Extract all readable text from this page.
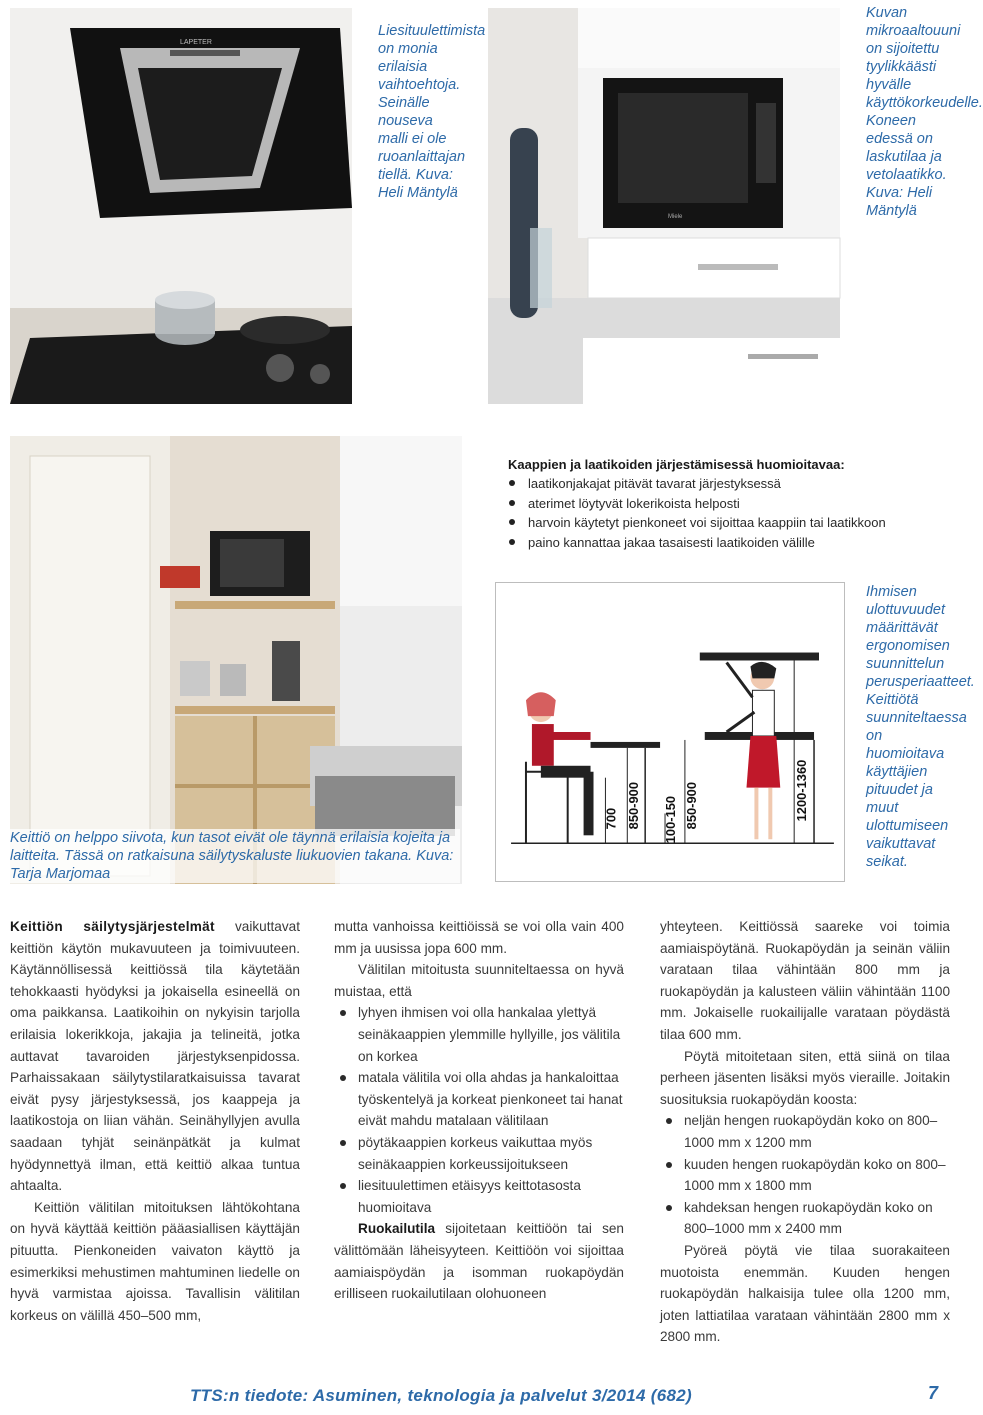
LAPETER
Liesituulettimista on monia erilaisia vaihtoehtoja. Seinälle nouseva malli ei ole ruoanlaittajan tiellä. Kuva: Heli Mäntylä
Miele
Kuvan mikroaaltouuni on sijoitettu tyylikkäästi hyvälle käyttökorkeudelle. Koneen edessä on laskutilaa ja vetolaatikko. Kuva: Heli Mäntylä
Keittiö on helppo siivota, kun tasot eivät ole täynnä erilaisia kojeita ja laitteita. Tässä on ratkaisuna säilytyskaluste liukuovien takana. Kuva: Tarja Marjomaa
Kaappien ja laatikoiden järjestämisessä huomioitavaa:
laatikonjakajat pitävät tavarat järjestyksessä
aterimet löytyvät lokerikoista helposti
harvoin käytetyt pienkoneet voi sijoittaa kaappiin tai laatikkoon
paino kannattaa jakaa tasaisesti laatikoiden välille
700 850-900 100-150 850-900	1200-1360
Ihmisen ulottuvuudet määrittävät ergonomisen suunnittelun perusperiaatteet. Keittiötä suunniteltaessa on huomioitava käyttäjien pituudet ja muut ulottumiseen vaikuttavat seikat.

Keittiön säilytysjärjestelmät vaikuttavat keittiön käytön mukavuuteen ja toimivuuteen. Käytännöllisessä keittiössä tila käytetään tehokkaasti hyödyksi ja jokaisella esineellä on oma paikkansa. Laatikoihin on nykyisin tarjolla erilaisia lokerikkoja, jakajia ja telineitä, jotka auttavat tavaroiden järjestyksenpidossa. Parhaissakaan säilytystilaratkaisuissa tavarat eivät pysy järjestyksessä, jos kaappeja ja laatikostoja on liian vähän. Seinähyllyjen avulla saadaan tyhjät seinänpätkät ja kulmat hyödynnettyä ilman, että keittiö alkaa tuntua ahtaalta.

Keittiön välitilan mitoituksen lähtökohtana on hyvä käyttää keittiön pääasiallisen käyttäjän pituutta. Pienkoneiden vaivaton käyttö ja esimerkiksi mehustimen mahtuminen liedelle on hyvä varmistaa ajoissa. Tavallisin välitilan korkeus on välillä 450–500 mm,

mutta vanhoissa keittiöissä se voi olla vain 400 mm ja uusissa jopa 600 mm.

Välitilan mitoitusta suunniteltaessa on hyvä muistaa, että

lyhyen ihmisen voi olla hankalaa ylettyä seinäkaappien ylemmille hyllyille, jos välitila on korkea
matala välitila voi olla ahdas ja hankaloittaa työskentelyä ja korkeat pienkoneet tai hanat eivät mahdu matalaan välitilaan
pöytäkaappien korkeus vaikuttaa myös seinäkaappien korkeussijoitukseen
liesituulettimen etäisyys keittotasosta huomioitava

Ruokailutila sijoitetaan keittiöön tai sen välittömään läheisyyteen. Keittiöön voi sijoittaa aamiaispöydän ja isomman ruokapöydän erilliseen ruokailutilaan olohuoneen

yhteyteen. Keittiössä saareke voi toimia aamiaispöytänä. Ruokapöydän ja seinän väliin varataan tilaa vähintään 800 mm ja ruokapöydän ja kalusteen väliin vähintään 1100 mm. Jokaiselle ruokailijalle varataan pöydästä tilaa 600 mm.

Pöytä mitoitetaan siten, että siinä on tilaa perheen jäsenten lisäksi myös vieraille. Joitakin suosituksia ruokapöydän koosta:

neljän hengen ruokapöydän koko on 800–1000 mm x 1200 mm
kuuden hengen ruokapöydän koko on 800–1000 mm x 1800 mm
kahdeksan hengen ruokapöydän koko on 800–1000 mm x 2400 mm

Pyöreä pöytä vie tilaa suorakaiteen muotoista enemmän. Kuuden hengen ruokapöydän halkaisija tulee olla 1200 mm, joten lattiatilaa varataan vähintään 2800 mm x 2800 mm.

TTS:n tiedote: Asuminen, teknologia ja palvelut 3/2014 (682)	7
